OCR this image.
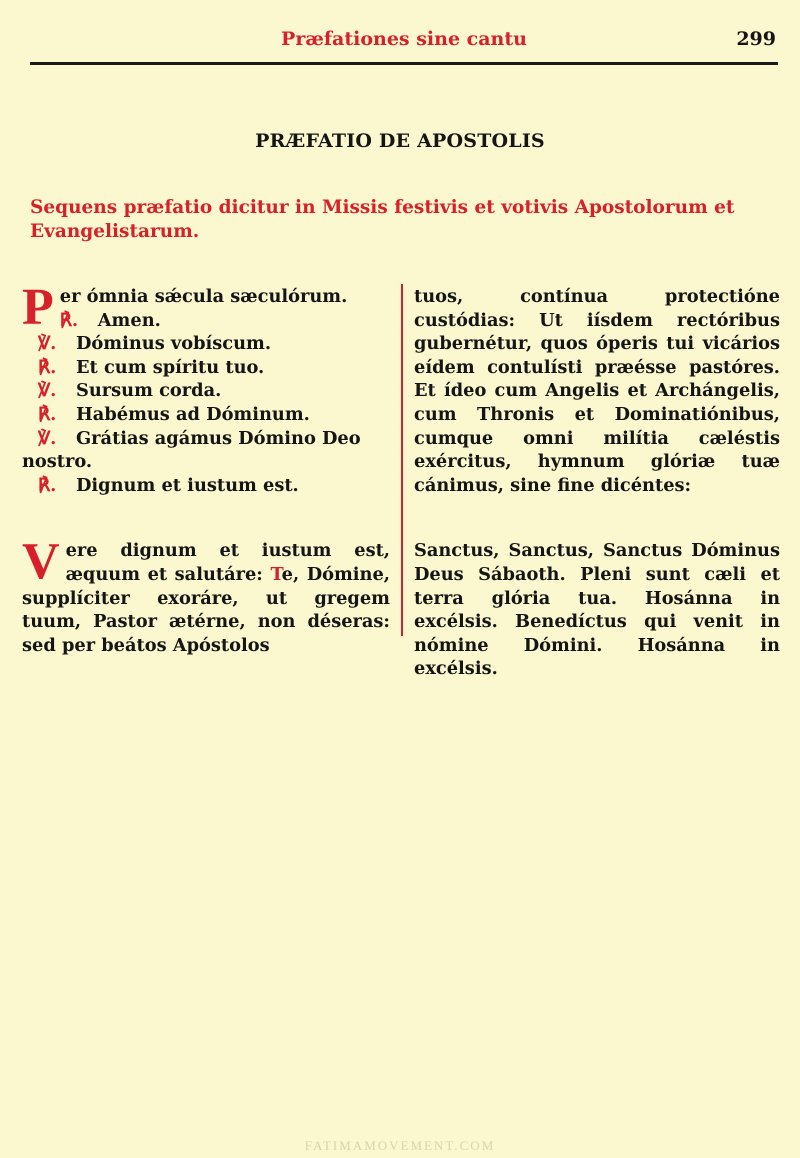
Præfationes sine cantu	299
PRÆFATIO DE APOSTOLIS
Sequens præfatio dicitur in Missis festivis et votivis Apostolorum et Evangelistarum.
P er ómnia sǽcula sæculórum.
℟. Amen.
℣. Dóminus vobíscum.
℟. Et cum spíritu tuo.
℣. Sursum corda.
℟. Habémus ad Dóminum.
℣. Grátias agámus Dómino Deo
nostro.
℟. Dignum et iustum est.
Vere dignum et iustum est, æquum et salutáre: Te, Dómine, supplíciter exoráre, ut gregem tuum, Pastor ætérne, non déseras: sed per beátos Apóstolos
tuos, contínua protectióne custódias: Ut iísdem rectóribus gubernétur, quos óperis tui vicários eídem contulísti præésse pastóres. Et ídeo cum Angelis et Archángelis, cum Thronis et Dominatiónibus, cumque omni milítia cæléstis exércitus, hymnum glóriæ tuæ cánimus, sine fine dicéntes:
Sanctus, Sanctus, Sanctus Dóminus Deus Sábaoth. Pleni sunt cæli et terra glória tua. Hosánna in excélsis. Benedíctus qui venit in nómine Dómini. Hosánna in excélsis.
FATIMAMOVEMENT.COM
